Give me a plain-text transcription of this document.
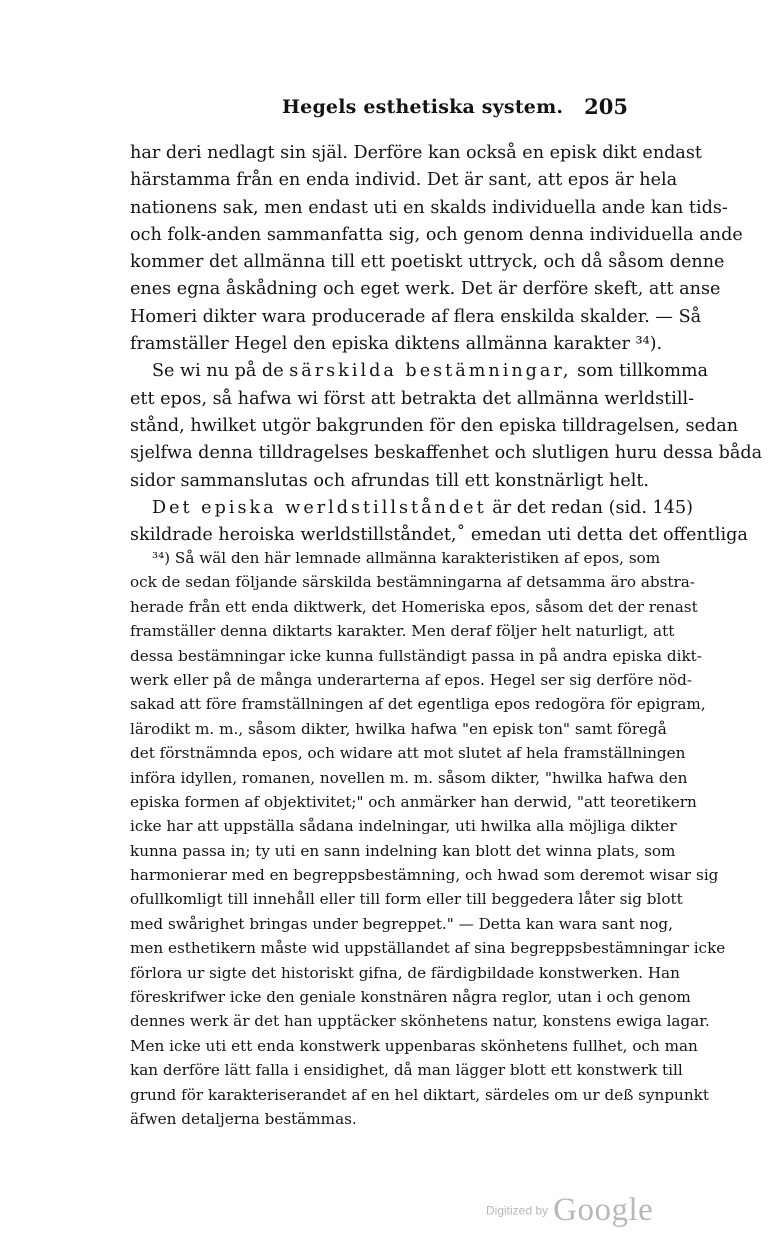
Hegels esthetiska system. 205
har deri nedlagt sin själ. Derföre kan också en episk dikt endast
härstamma från en enda individ. Det är sant, att epos är hela
nationens sak, men endast uti en skalds individuella ande kan tids-
och folk-anden sammanfatta sig, och genom denna individuella ande
kommer det allmänna till ett poetiskt uttryck, och då såsom denne
enes egna åskådning och eget werk. Det är derföre skeft, att anse
Homeri dikter wara producerade af flera enskilda skalder. — Så
framställer Hegel den episka diktens allmänna karakter ³⁴).
Se wi nu på de särskilda bestämningar, som tillkomma
ett epos, så hafwa wi först att betrakta det allmänna werldstill-
stånd, hwilket utgör bakgrunden för den episka tilldragelsen, sedan
sjelfwa denna tilldragelses beskaffenhet och slutligen huru dessa båda
sidor sammanslutas och afrundas till ett konstnärligt helt.
Det episka werldstillståndet är det redan (sid. 145)
skildrade heroiska werldstillståndet,˚ emedan uti detta det offentliga
³⁴) Så wäl den här lemnade allmänna karakteristiken af epos, som
ock de sedan följande särskilda bestämningarna af detsamma äro abstra-
herade från ett enda diktwerk, det Homeriska epos, såsom det der renast
framställer denna diktarts karakter. Men deraf följer helt naturligt, att
dessa bestämningar icke kunna fullständigt passa in på andra episka dikt-
werk eller på de många underarterna af epos. Hegel ser sig derföre nöd-
sakad att före framställningen af det egentliga epos redogöra för epigram,
lärodikt m. m., såsom dikter, hwilka hafwa "en episk ton" samt föregå
det förstnämnda epos, och widare att mot slutet af hela framställningen
införa idyllen, romanen, novellen m. m. såsom dikter, "hwilka hafwa den
episka formen af objektivitet;" och anmärker han derwid, "att teoretikern
icke har att uppställa sådana indelningar, uti hwilka alla möjliga dikter
kunna passa in; ty uti en sann indelning kan blott det winna plats, som
harmonierar med en begreppsbestämning, och hwad som deremot wisar sig
ofullkomligt till innehåll eller till form eller till beggedera låter sig blott
med swårighet bringas under begreppet." — Detta kan wara sant nog,
men esthetikern måste wid uppställandet af sina begreppsbestämningar icke
förlora ur sigte det historiskt gifna, de färdigbildade konstwerken. Han
föreskrifwer icke den geniale konstnären några reglor, utan i och genom
dennes werk är det han upptäcker skönhetens natur, konstens ewiga lagar.
Men icke uti ett enda konstwerk uppenbaras skönhetens fullhet, och man
kan derföre lätt falla i ensidighet, då man lägger blott ett konstwerk till
grund för karakteriserandet af en hel diktart, särdeles om ur deß synpunkt
äfwen detaljerna bestämmas.
Digitized by Google
